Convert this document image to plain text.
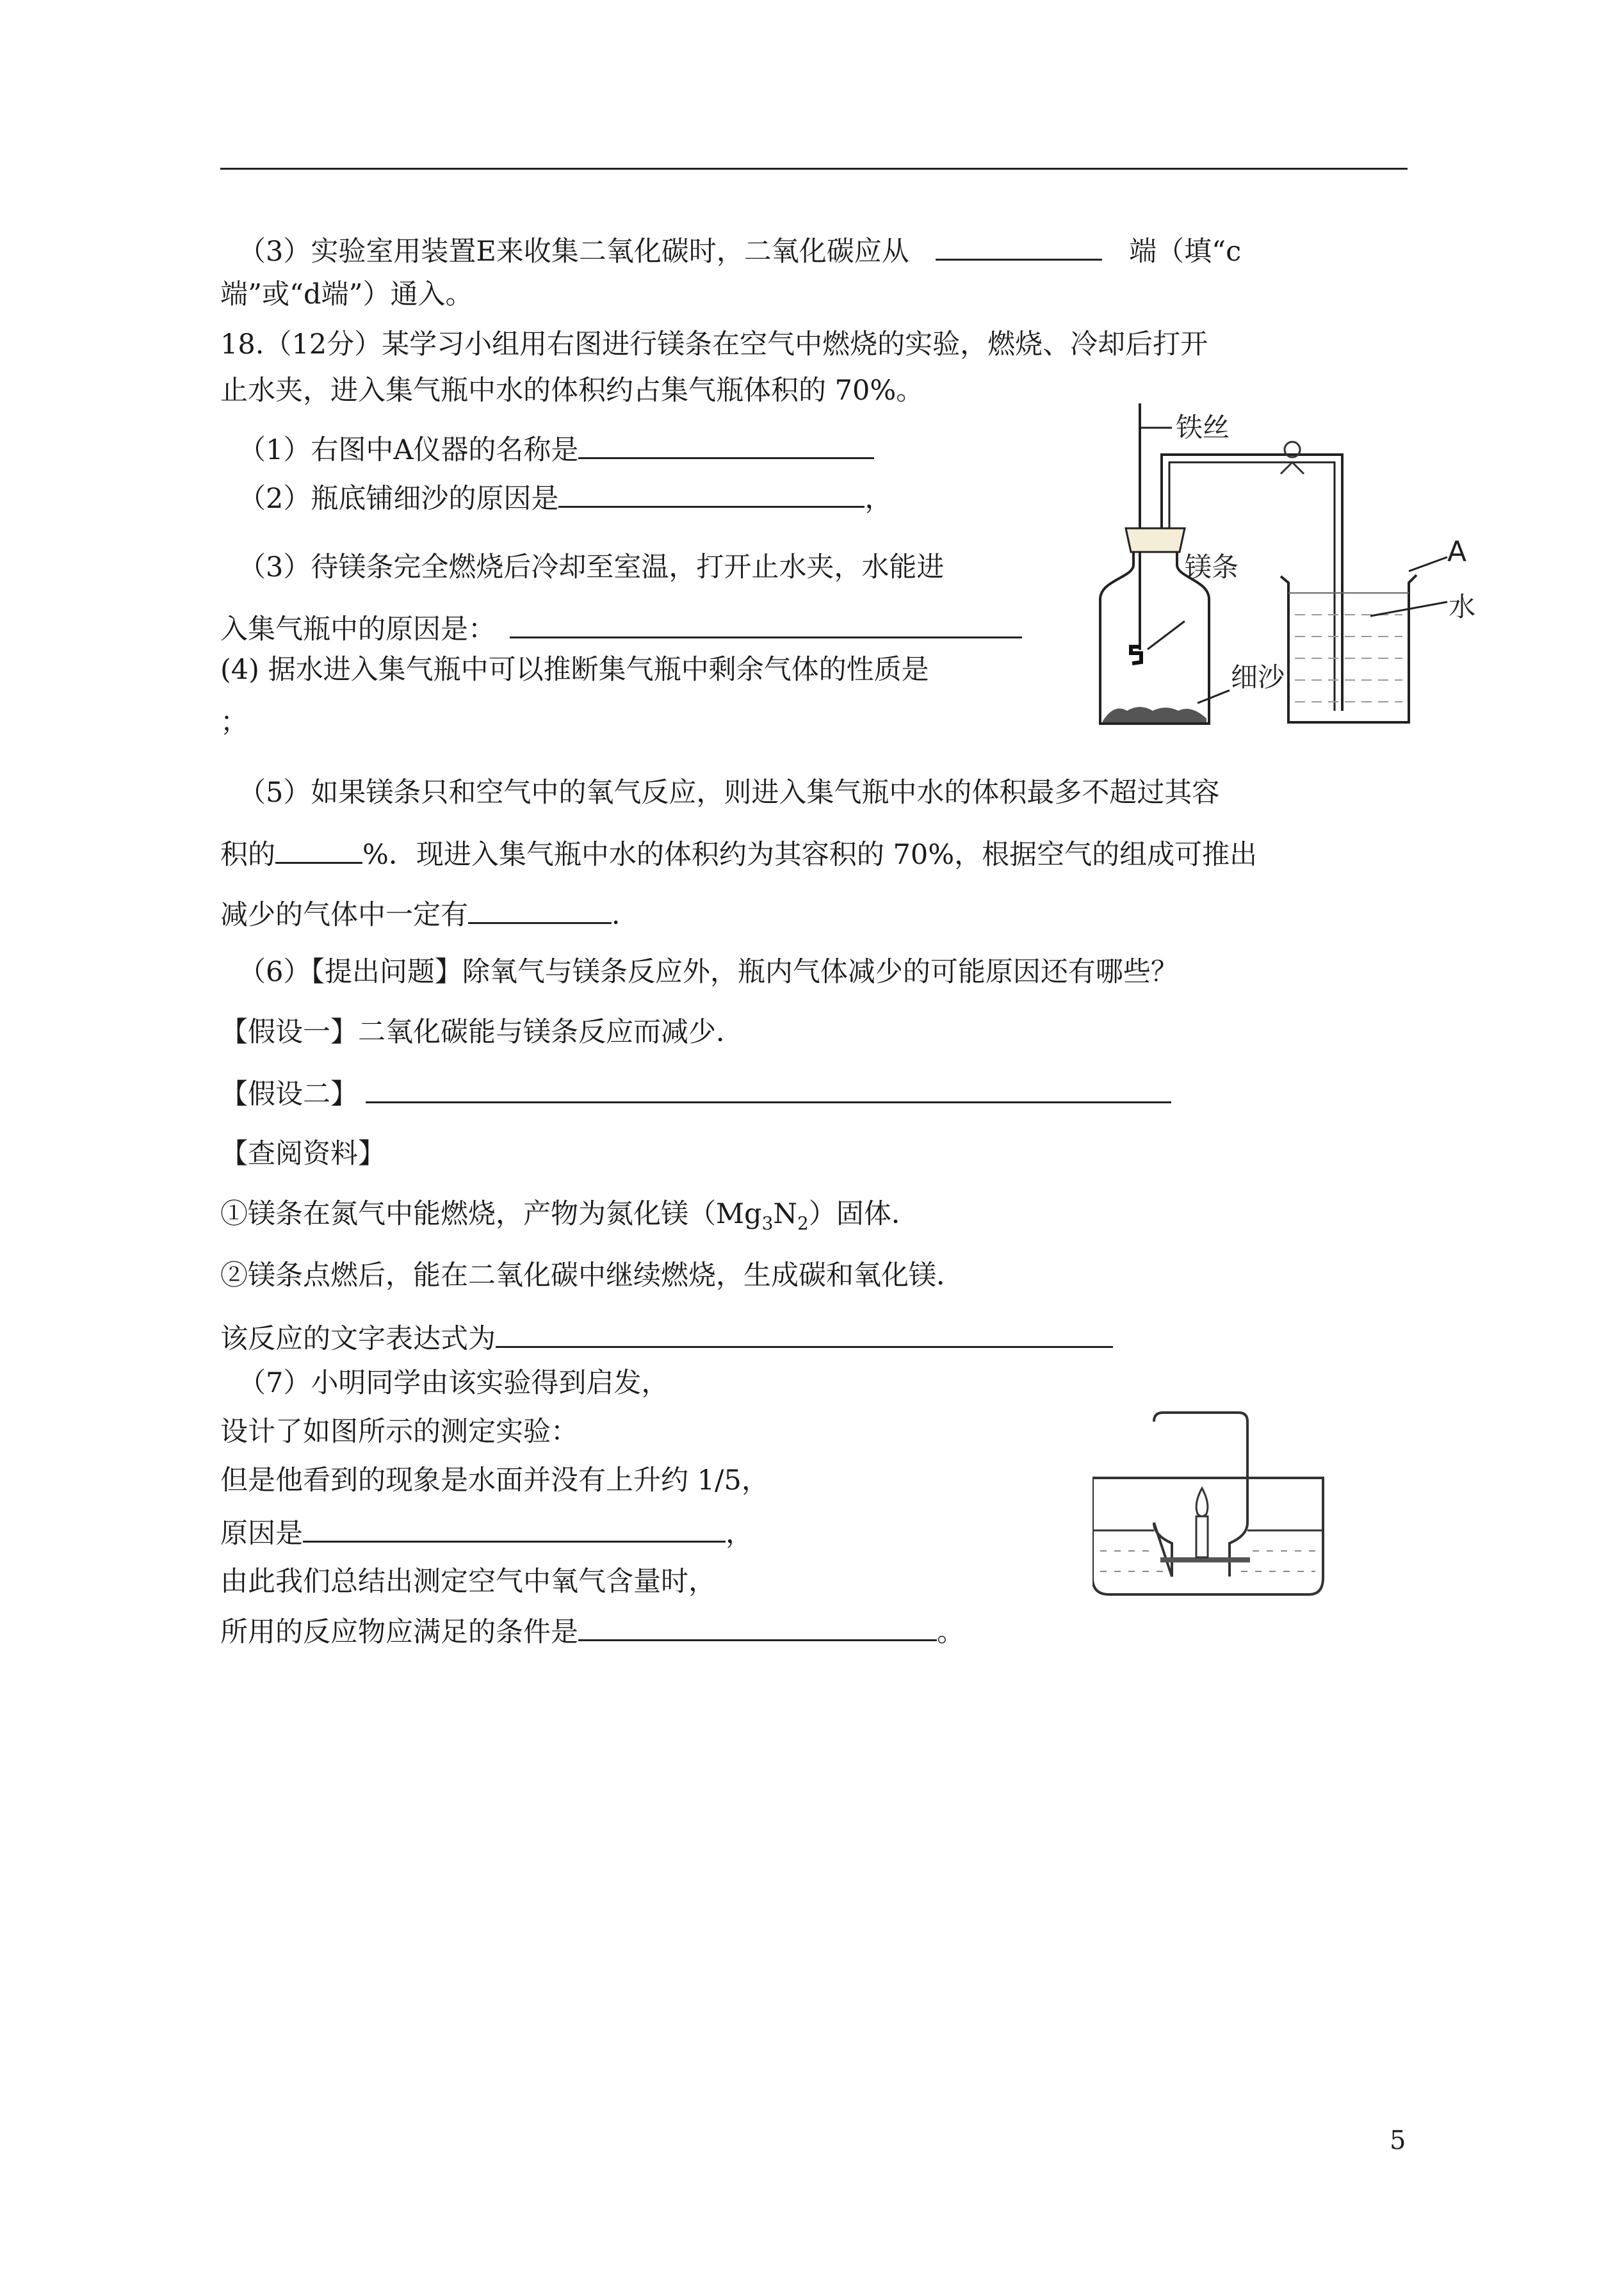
（3）实验室用装置E来收集二氧化碳时，二氧化碳应从	端（填“c
端”或“d端”）通入。
18.（12分）某学习小组用右图进行镁条在空气中燃烧的实验，燃烧、冷却后打开
止水夹，进入集气瓶中水的体积约占集气瓶体积的 70%。
（1）右图中A仪器的名称是
（2）瓶底铺细沙的原因是	，
（3）待镁条完全燃烧后冷却至室温，打开止水夹，水能进
入集气瓶中的原因是：
(4) 据水进入集气瓶中可以推断集气瓶中剩余气体的性质是
；
（5）如果镁条只和空气中的氧气反应，则进入集气瓶中水的体积最多不超过其容
积的	%．现进入集气瓶中水的体积约为其容积的 70%，根据空气的组成可推出
减少的气体中一定有	．
（6）【提出问题】除氧气与镁条反应外，瓶内气体减少的可能原因还有哪些？
【假设一】二氧化碳能与镁条反应而减少．
【假设二】
【查阅资料】
①镁条在氮气中能燃烧，产物为氮化镁$(Mg_3N_2)$固体．
②镁条点燃后，能在二氧化碳中继续燃烧，生成碳和氧化镁．
该反应的文字表达式为
（7）小明同学由该实验得到启发，
设计了如图所示的测定实验：
但是他看到的现象是水面并没有上升约 1/5，
原因是	，
由此我们总结出测定空气中氧气含量时，
所用的反应物应满足的条件是	。
铁丝
镁条
细沙
A
水
5
